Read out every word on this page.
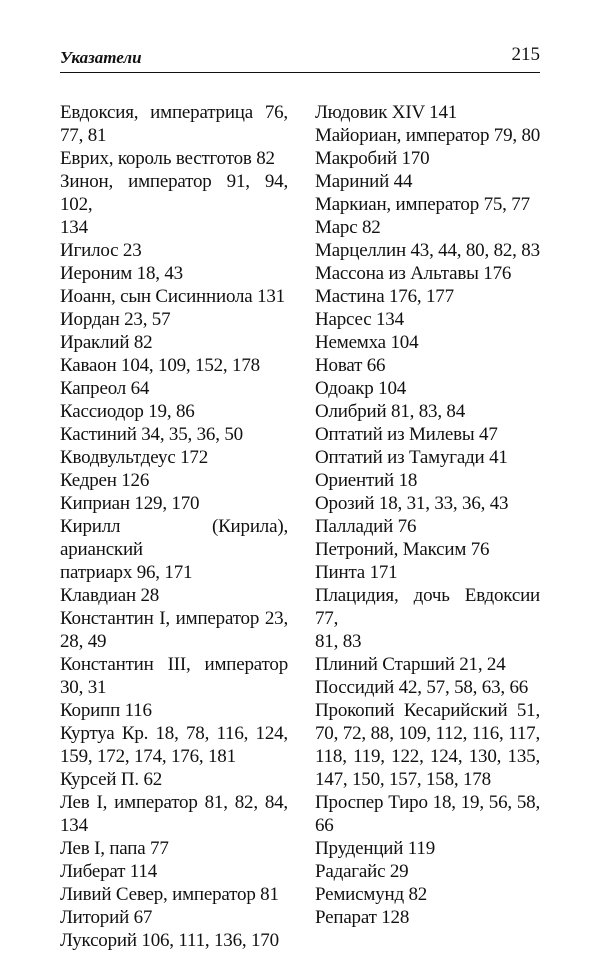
Указатели	215
Евдоксия, императрица 76,
77, 81
Еврих, король вестготов 82
Зинон, император 91, 94, 102,
134
Игилос 23
Иероним 18, 43
Иоанн, сын Сисинниола 131
Иордан 23, 57
Ираклий 82
Каваон 104, 109, 152, 178
Капреол 64
Кассиодор 19, 86
Кастиний 34, 35, 36, 50
Кводвультдеус 172
Кедрен 126
Киприан 129, 170
Кирилл (Кирила), арианский
патриарх 96, 171
Клавдиан 28
Константин I, император 23,
28, 49
Константин III, император
30, 31
Корипп 116
Куртуа Кр. 18, 78, 116, 124,
159, 172, 174, 176, 181
Курсей П. 62
Лев I, император 81, 82, 84,
134
Лев I, папа 77
Либерат 114
Ливий Север, император 81
Литорий 67
Луксорий 106, 111, 136, 170
Людовик XIV 141
Майориан, император 79, 80
Макробий 170
Мариний 44
Маркиан, император 75, 77
Марс 82
Марцеллин 43, 44, 80, 82, 83
Массона из Альтавы 176
Мастина 176, 177
Нарсес 134
Немемха 104
Новат 66
Одоакр 104
Олибрий 81, 83, 84
Оптатий из Милевы 47
Оптатий из Тамугади 41
Ориентий 18
Орозий 18, 31, 33, 36, 43
Палладий 76
Петроний, Максим 76
Пинта 171
Плацидия, дочь Евдоксии 77,
81, 83
Плиний Старший 21, 24
Поссидий 42, 57, 58, 63, 66
Прокопий Кесарийский 51,
70, 72, 88, 109, 112, 116, 117,
118, 119, 122, 124, 130, 135,
147, 150, 157, 158, 178
Проспер Тиро 18, 19, 56, 58,
66
Пруденций 119
Радагайс 29
Ремисмунд 82
Репарат 128
